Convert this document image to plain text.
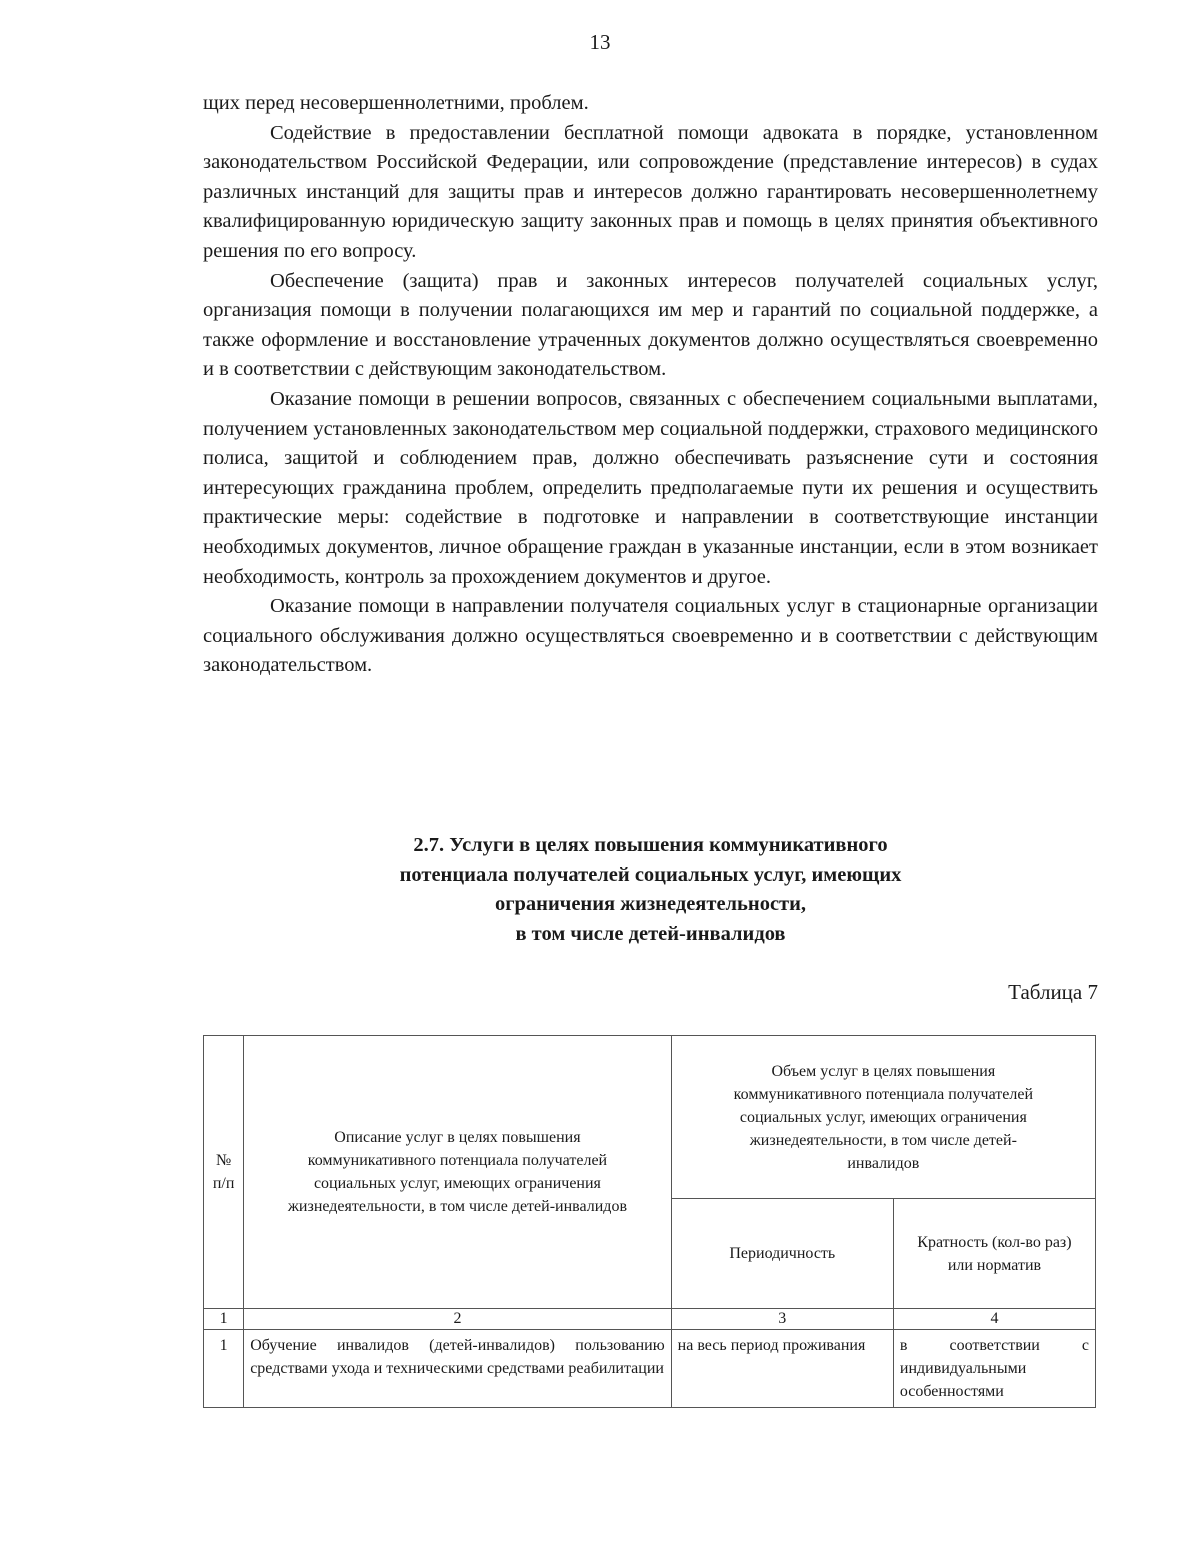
13

щих перед несовершеннолетними, проблем.

Содействие в предоставлении бесплатной помощи адвоката в порядке, установленном законодательством Российской Федерации, или сопровождение (представление интересов) в судах различных инстанций для защиты прав и интересов должно гарантировать несовершеннолетнему квалифицированную юридическую защиту законных прав и помощь в целях принятия объективного решения по его вопросу.

Обеспечение (защита) прав и законных интересов получателей социальных услуг, организация помощи в получении полагающихся им мер и гарантий по социальной поддержке, а также оформление и восстановление утраченных документов должно осуществляться своевременно и в соответствии с действующим законодательством.

Оказание помощи в решении вопросов, связанных с обеспечением социальными выплатами, получением установленных законодательством мер социальной поддержки, страхового медицинского полиса, защитой и соблюдением прав, должно обеспечивать разъяснение сути и состояния интересующих гражданина проблем, определить предполагаемые пути их решения и осуществить практические меры: содействие в подготовке и направлении в соответствующие инстанции необходимых документов, личное обращение граждан в указанные инстанции, если в этом возникает необходимость, контроль за прохождением документов и другое.

Оказание помощи в направлении получателя социальных услуг в стационарные организации социального обслуживания должно осуществляться своевременно и в соответствии с действующим законодательством.

2.7. Услуги в целях повышения коммуникативного
потенциала получателей социальных услуг, имеющих
ограничения жизнедеятельности,
в том числе детей-инвалидов
Таблица 7
№ п/п	Описание услуг в целях повышения коммуникативного потенциала получателей социальных услуг, имеющих ограничения жизнедеятельности, в том числе детей-инвалидов	Объем услуг в целях повышения коммуникативного потенциала получателей социальных услуг, имеющих ограничения жизнедеятельности, в том числе детей-инвалидов	
		Периодичность	Кратность (кол-во раз) или норматив
1	2	3	4
1	Обучение инвалидов (детей-инвалидов) пользованию средствами ухода и техническими средствами реабилитации	на весь период проживания	в соответствии с индивидуальными особенностями
